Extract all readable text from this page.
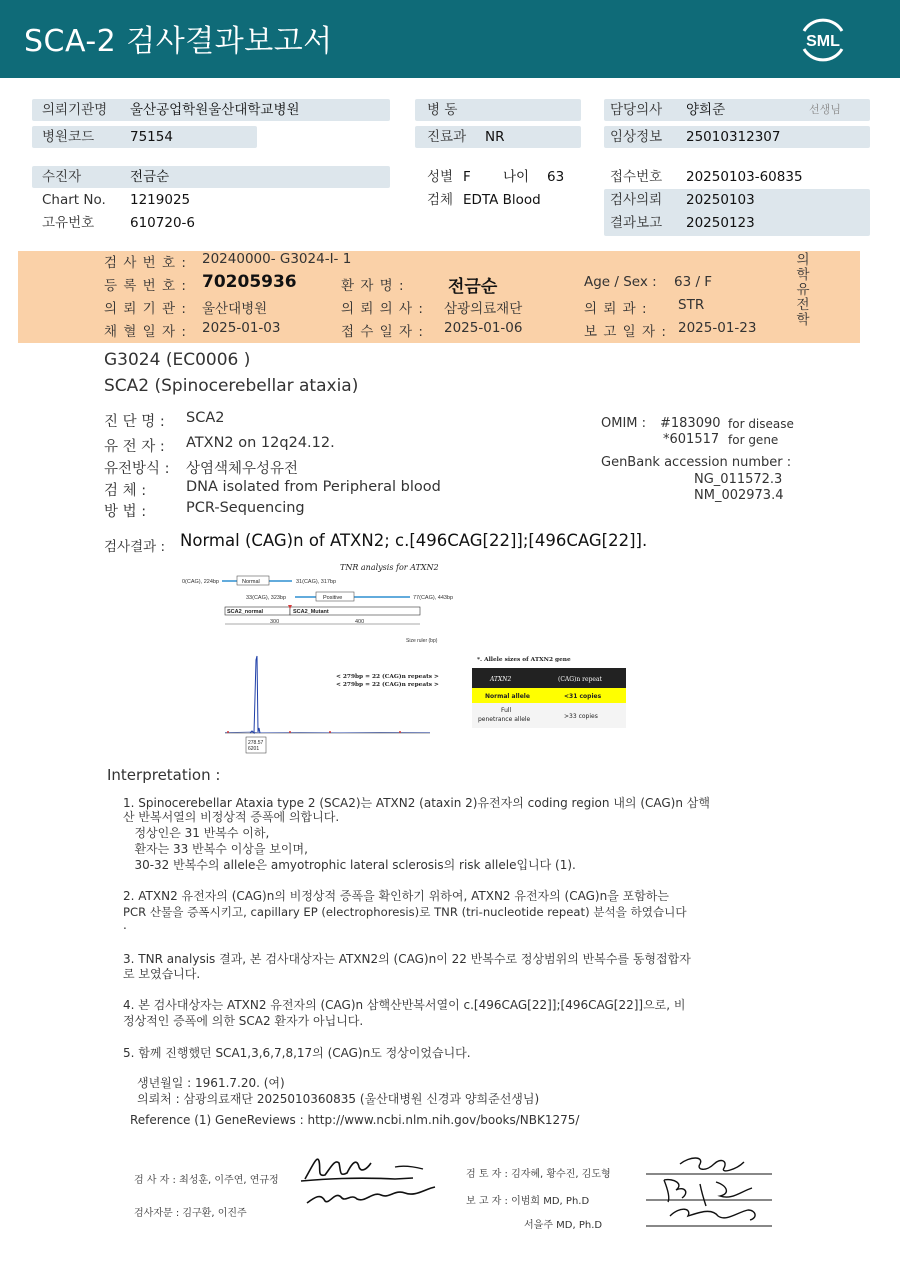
SCA-2 검사결과보고서	SML
의뢰기관명 울산공업학원울산대학교병원
병원코드	75154
병 동
진료과 NR
담당의사 양희준	선생님
임상정보 25010312307
수진자	전금순
Chart No. 1219025
고유번호	610720-6
성별 F 나이 63
검체 EDTA Blood
접수번호 20250103-60835
검사의뢰 20250103
결과보고 20250123
검 사 번 호 : 20240000- G3024-I- 1
등 록 번 호 : 70205936	환 자 명 :	전금순	Age / Sex : 63 / F
의 뢰 기 관 : 울산대병원	의 뢰 의 사 : 삼광의료재단	의 뢰 과 : STR
채 혈 일 자 : 2025-01-03	접 수 일 자 : 2025-01-06	보 고 일 자 : 2025-01-23
의학유전학
G3024 (EC0006 )
SCA2 (Spinocerebellar ataxia)
진 단 명 : SCA2
유 전 자 : ATXN2 on 12q24.12.
유전방식 : 상염색체우성유전
검 체 :	DNA isolated from Peripheral blood
방 법 :	PCR-Sequencing
OMIM : #183090 for disease
*601517 for gene
GenBank accession number :
NG_011572.3
NM_002973.4
검사결과 : Normal (CAG)n of ATXN2; c.[496CAG[22]];[496CAG[22]].
TNR analysis for ATXN2
0(CAG), 224bp	Normal	31(CAG), 317bp
33(CAG), 323bp	Positive	77(CAG), 443bp
SCA2_normal	SCA2_Mutant
300	400
Size ruler (bp)
278.57
6201
< 279bp = 22 (CAG)n repeats >
< 279bp = 22 (CAG)n repeats >
*. Allele sizes of ATXN2 gene
ATXN2	(CAG)n repeat
Normal allele	<31 copies
Full
penetrance allele	>33 copies
Interpretation :
1. Spinocerebellar Ataxia type 2 (SCA2)는 ATXN2 (ataxin 2)유전자의 coding region 내의 (CAG)n 삼핵
산 반복서열의 비정상적 증폭에 의합니다.
정상인은 31 반복수 이하,
환자는 33 반복수 이상을 보이며,
30-32 반복수의 allele은 amyotrophic lateral sclerosis의 risk allele입니다 (1).
2. ATXN2 유전자의 (CAG)n의 비정상적 증폭을 확인하기 위하여, ATXN2 유전자의 (CAG)n을 포함하는
PCR 산물을 증폭시키고, capillary EP (electrophoresis)로 TNR (tri-nucleotide repeat) 분석을 하였습니다
.
3. TNR analysis 결과, 본 검사대상자는 ATXN2의 (CAG)n이 22 반복수로 정상범위의 반복수를 동형접합자
로 보였습니다.
4. 본 검사대상자는 ATXN2 유전자의 (CAG)n 삼핵산반복서열이 c.[496CAG[22]];[496CAG[22]]으로, 비
정상적인 증폭에 의한 SCA2 환자가 아닙니다.
5. 함께 진행했던 SCA1,3,6,7,8,17의 (CAG)n도 정상이었습니다.
생년월일 : 1961.7.20. (여)
의뢰처 : 삼광의료재단 2025010360835 (울산대병원 신경과 양희준선생님)
Reference (1) GeneReviews : http://www.ncbi.nlm.nih.gov/books/NBK1275/
검 사 자 : 최성훈, 이주연, 연규정
검사자문 : 김구환, 이진주
검 토 자 : 김자혜, 황수진, 김도형
보 고 자 : 이범희 MD, Ph.D
서을주 MD, Ph.D
